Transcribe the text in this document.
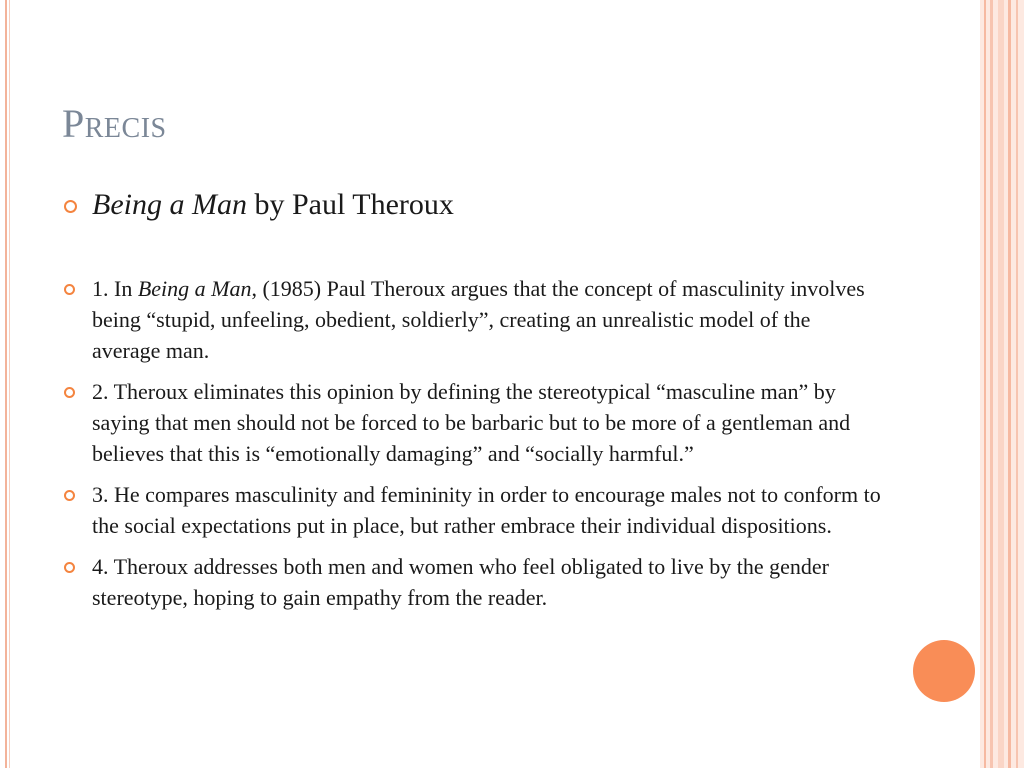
Precis
Being a Man by Paul Theroux
1. In Being a Man, (1985) Paul Theroux argues that the concept of masculinity involves being “stupid, unfeeling, obedient, soldierly”, creating an unrealistic model of the average man.
2. Theroux eliminates this opinion by defining the stereotypical “masculine man” by saying that men should not be forced to be barbaric but to be more of a gentleman and believes that this is “emotionally damaging” and “socially harmful.”
3. He compares masculinity and femininity in order to encourage males not to conform to the social expectations put in place, but rather embrace their individual dispositions.
4. Theroux addresses both men and women who feel obligated to live by the gender stereotype, hoping to gain empathy from the reader.
